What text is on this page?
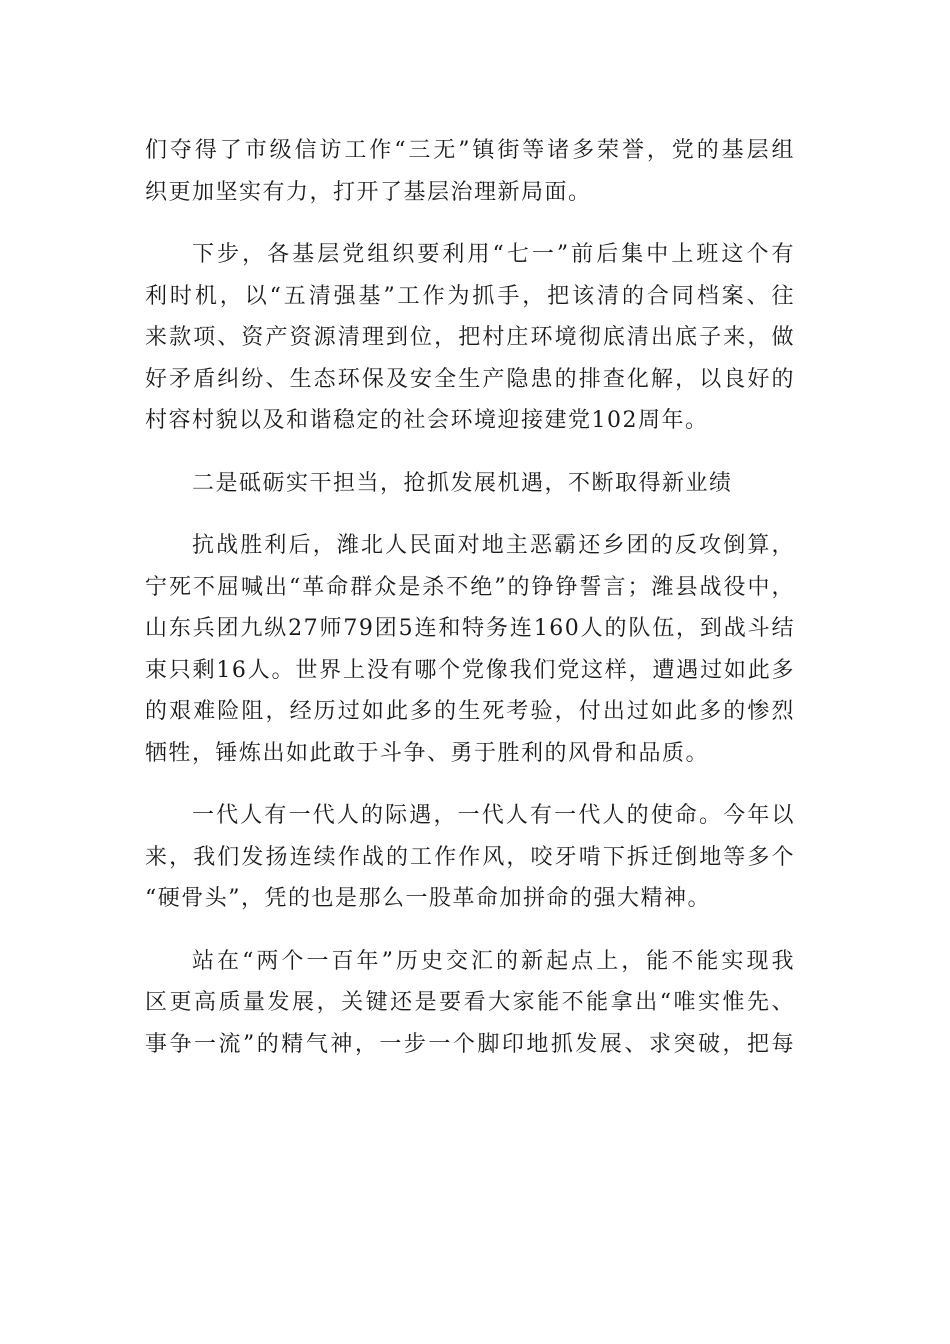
们夺得了市级信访工作“三无”镇街等诸多荣誉，党的基层组
织更加坚实有力，打开了基层治理新局面。

下步，各基层党组织要利用“七一”前后集中上班这个有
利时机，以“五清强基”工作为抓手，把该清的合同档案、往
来款项、资产资源清理到位，把村庄环境彻底清出底子来，做
好矛盾纠纷、生态环保及安全生产隐患的排查化解，以良好的
村容村貌以及和谐稳定的社会环境迎接建党102周年。

二是砥砺实干担当，抢抓发展机遇，不断取得新业绩

抗战胜利后，潍北人民面对地主恶霸还乡团的反攻倒算，
宁死不屈喊出“革命群众是杀不绝”的铮铮誓言；潍县战役中，
山东兵团九纵27师79团5连和特务连160人的队伍，到战斗结
束只剩16人。世界上没有哪个党像我们党这样，遭遇过如此多
的艰难险阻，经历过如此多的生死考验，付出过如此多的惨烈
牺牲，锤炼出如此敢于斗争、勇于胜利的风骨和品质。

一代人有一代人的际遇，一代人有一代人的使命。今年以
来，我们发扬连续作战的工作作风，咬牙啃下拆迁倒地等多个
“硬骨头”，凭的也是那么一股革命加拼命的强大精神。

站在“两个一百年”历史交汇的新起点上，能不能实现我
区更高质量发展，关键还是要看大家能不能拿出“唯实惟先、
事争一流”的精气神，一步一个脚印地抓发展、求突破，把每
